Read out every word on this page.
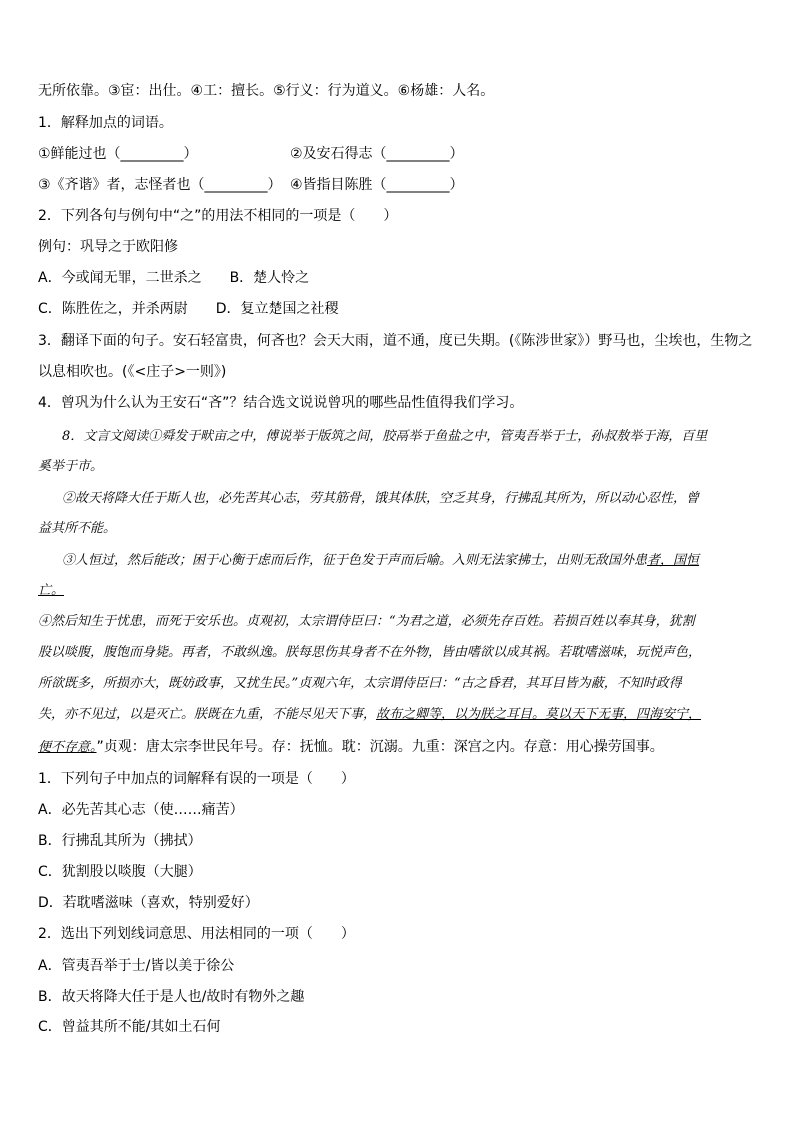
无所依靠。③宦：出仕。④工：擅长。⑤行义：行为道义。⑥杨雄：人名。
1．解释加点的词语。
①鲜能过也（_________）	②及安石得志（_________）
③《齐谐》者，志怪者也（_________） ④皆指目陈胜（_________）
2．下列各句与例句中“之”的用法不相同的一项是（　　）
例句：巩导之于欧阳修
A．今或闻无罪，二世杀之　　B．楚人怜之
C．陈胜佐之，并杀两尉　　D．复立楚国之社稷
3．翻译下面的句子。安石轻富贵，何吝也？会天大雨，道不通，度已失期。(《陈涉世家》）野马也，尘埃也，生物之
以息相吹也。(《<庄子>一则》)
4．曾巩为什么认为王安石“吝”？结合选文说说曾巩的哪些品性值得我们学习。
8．文言文阅读①舜发于畎亩之中，傅说举于版筑之间，胶鬲举于鱼盐之中，管夷吾举于士，孙叔敖举于海，百里
奚举于市。
②故天将降大任于斯人也，必先苦其心志，劳其筋骨，饿其体肤，空乏其身，行拂乱其所为，所以动心忍性，曾
益其所不能。
③人恒过，然后能改；困于心衡于虑而后作，征于色发于声而后喻。入则无法家拂士，出则无敌国外患者，国恒
亡。
④然后知生于忧患，而死于安乐也。贞观初，太宗谓侍臣曰：“为君之道，必须先存百姓。若损百姓以奉其身，犹割
股以啖腹，腹饱而身毙。再者，不敢纵逸。朕每思伤其身者不在外物，皆由嗜欲以成其祸。若耽嗜滋味，玩悦声色，
所欲既多，所损亦大，既妨政事，又扰生民。”贞观六年，太宗谓侍臣曰：“古之昏君，其耳目皆为蔽，不知时政得
失，亦不见过，以是灭亡。朕既在九重，不能尽见天下事，故布之卿等，以为朕之耳目。莫以天下无事，四海安宁，
便不存意。”贞观：唐太宗李世民年号。存：抚恤。耽：沉溺。九重：深宫之内。存意：用心操劳国事。
1．下列句子中加点的词解释有误的一项是（　　）
A．必先苦其心志（使……痛苦）
B．行拂乱其所为（拂拭）
C．犹割股以啖腹（大腿）
D．若耽嗜滋味（喜欢，特别爱好）
2．选出下列划线词意思、用法相同的一项（　　）
A．管夷吾举于士/皆以美于徐公
B．故天将降大任于是人也/故时有物外之趣
C．曾益其所不能/其如土石何
